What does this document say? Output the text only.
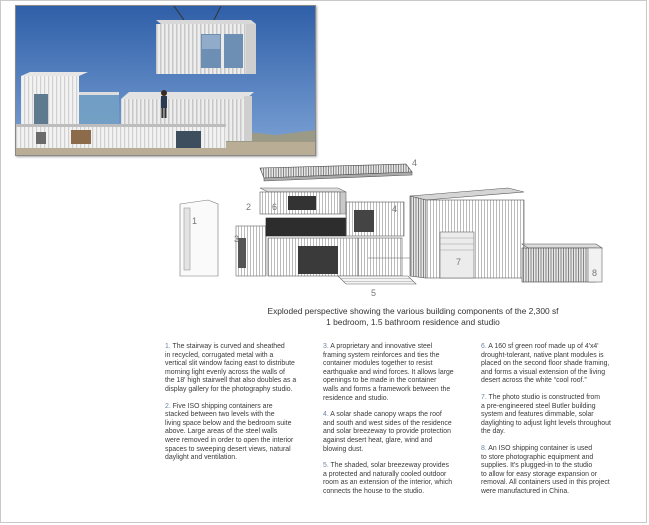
1
2 6
4
4
3
5
7
8
Exploded perspective showing the various building components of the 2,300 sf
1 bedroom, 1.5 bathroom residence and studio

1. The stairway is curved and sheathed
in recycled, corrugated metal with a
vertical slit window facing east to distribute
morning light evenly across the walls of
the 18' high stairwell that also doubles as a
display gallery for the photography studio.

2. Five ISO shipping containers are
stacked between two levels with the
living space below and the bedroom suite
above. Large areas of the steel walls
were removed in order to open the interior
spaces to sweeping desert views, natural
daylight and ventilation.

3. A proprietary and innovative steel
framing system reinforces and ties the
container modules together to resist
earthquake and wind forces. It allows large
openings to be made in the container
walls and forms a framework between the
residence and studio.

4. A solar shade canopy wraps the roof
and south and west sides of the residence
and solar breezeway to provide protection
against desert heat, glare, wind and
blowing dust.

5. The shaded, solar breezeway provides
a protected and naturally cooled outdoor
room as an extension of the interior, which
connects the house to the studio.

6. A 160 sf green roof made up of 4'x4'
drought-tolerant, native plant modules is
placed on the second floor shade framing,
and forms a visual extension of the living
desert across the white “cool roof.”

7. The photo studio is constructed from
a pre-engineered steel Butler building
system and features dimmable, solar
daylighting to adjust light levels throughout
the day.

8. An ISO shipping container is used
to store photographic equipment and
supplies. It's plugged-in to the studio
to allow for easy storage expansion or
removal. All containers used in this project
were manufactured in China.
